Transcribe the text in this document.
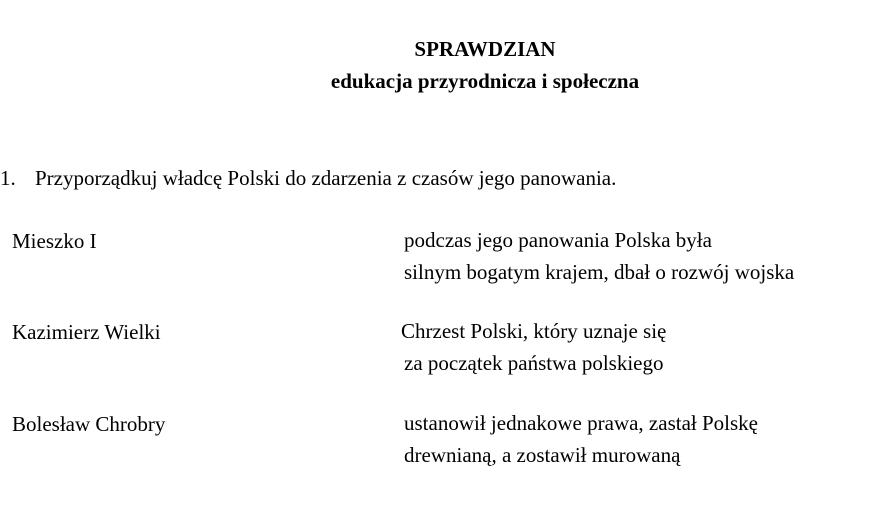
SPRAWDZIAN
edukacja przyrodnicza i społeczna
1. Przyporządkuj władcę Polski do zdarzenia z czasów jego panowania.
Mieszko I
Kazimierz Wielki
Bolesław Chrobry
podczas jego panowania Polska była
silnym bogatym krajem, dbał o rozwój wojska
Chrzest Polski, który uznaje się
za początek państwa polskiego
ustanowił jednakowe prawa, zastał Polskę
drewnianą, a zostawił murowaną
